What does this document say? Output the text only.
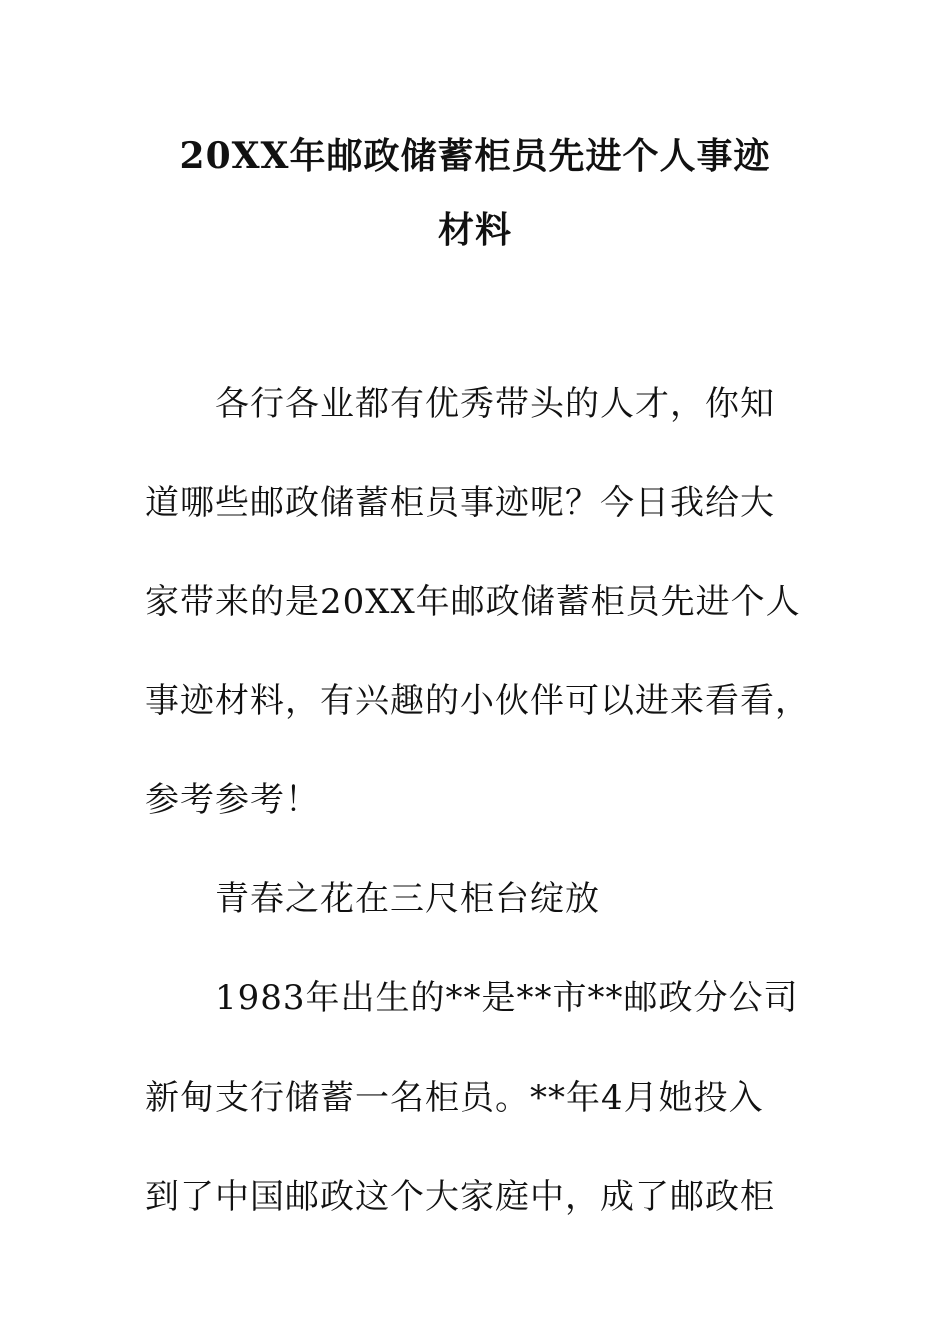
20XX年邮政储蓄柜员先进个人事迹
材料
各行各业都有优秀带头的人才，你知
道哪些邮政储蓄柜员事迹呢？今日我给大
家带来的是20XX年邮政储蓄柜员先进个人
事迹材料，有兴趣的小伙伴可以进来看看，
参考参考！
青春之花在三尺柜台绽放
1983年出生的**是**市**邮政分公司
新甸支行储蓄一名柜员。**年4月她投入
到了中国邮政这个大家庭中，成了邮政柜
